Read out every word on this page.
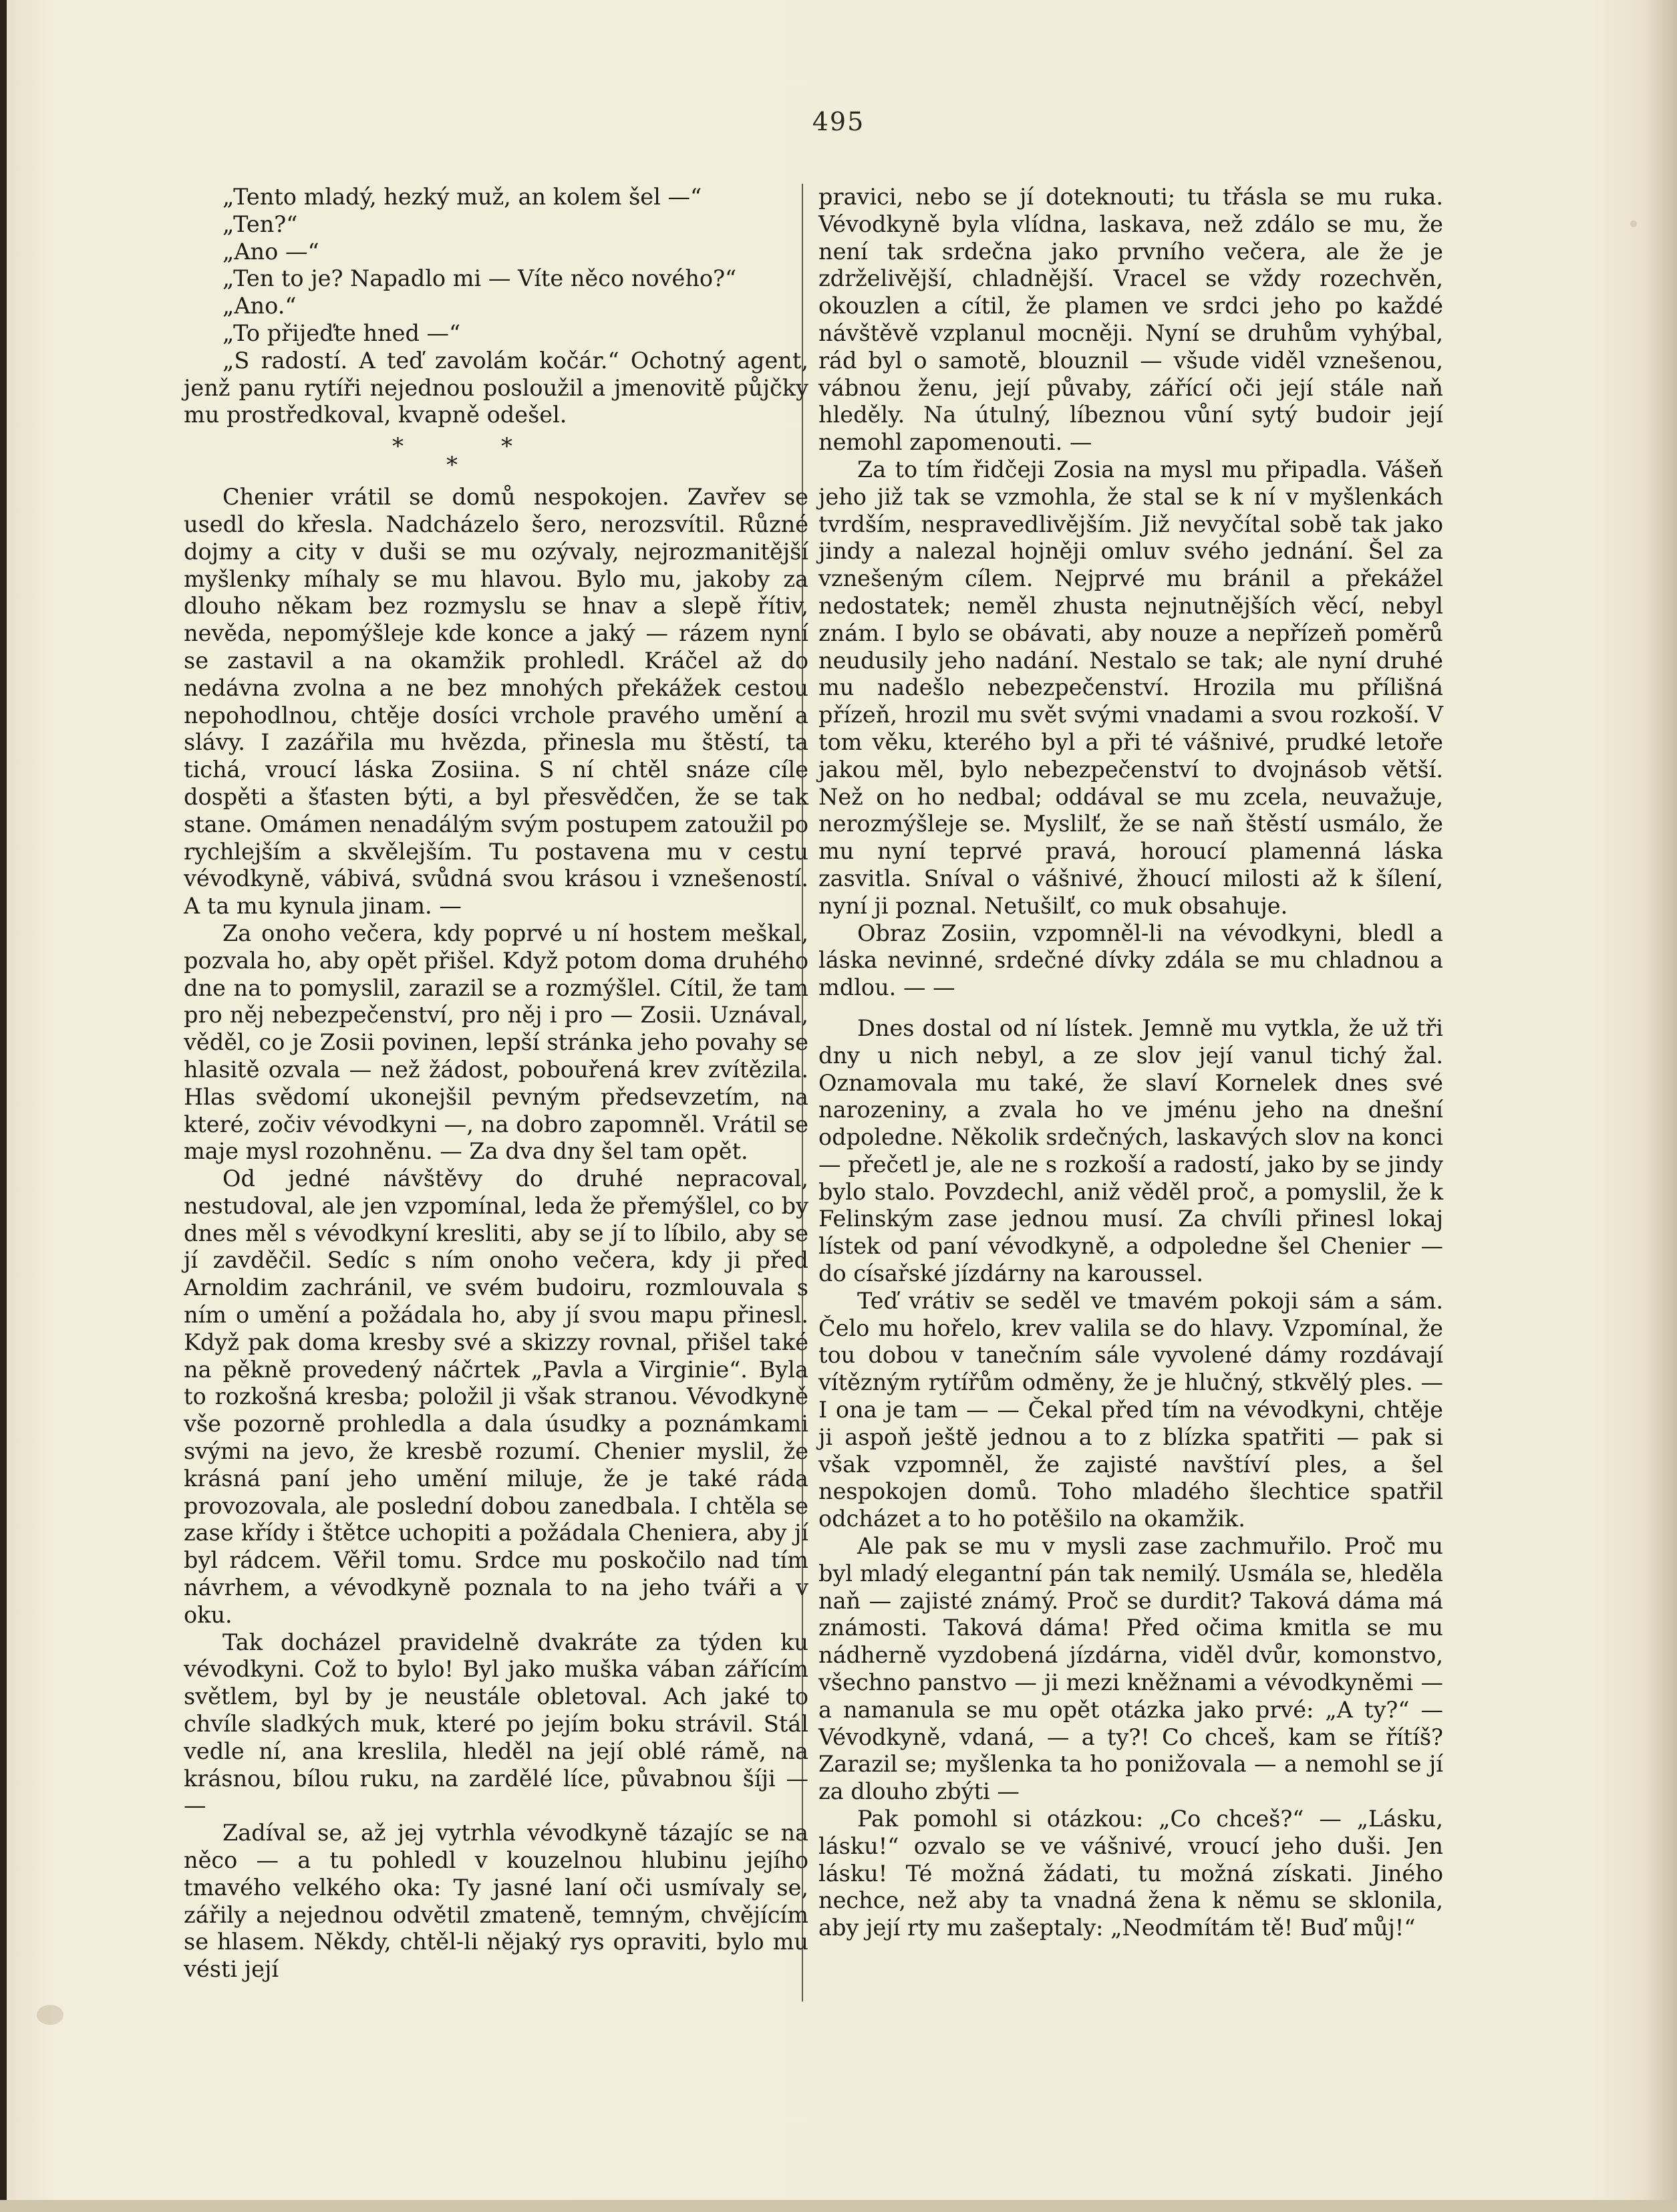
495

„Tento mladý, hezký muž, an kolem šel —“

„Ten?“

„Ano —“

„Ten to je? Napadlo mi — Víte něco nového?“

„Ano.“

„To přijeďte hned —“

„S radostí. A teď zavolám kočár.“ Ochotný agent, jenž panu rytíři nejednou posloužil a jmenovitě půjčky mu prostředkoval, kvapně odešel.

*	*
*

Chenier vrátil se domů nespokojen. Zavřev se usedl do křesla. Nadcházelo šero, nerozsvítil. Různé dojmy a city v duši se mu ozývaly, nejrozmanitější myšlenky míhaly se mu hlavou. Bylo mu, jakoby za dlouho někam bez rozmyslu se hnav a slepě řítiv, nevěda, nepomýšleje kde konce a jaký — rázem nyní se zastavil a na okamžik prohledl. Kráčel až do nedávna zvolna a ne bez mnohých překážek cestou nepohodlnou, chtěje dosíci vrchole pravého umění a slávy. I zazářila mu hvězda, přinesla mu štěstí, ta tichá, vroucí láska Zosiina. S ní chtěl snáze cíle dospěti a šťasten býti, a byl přesvědčen, že se tak stane. Omámen nenadálým svým postupem zatoužil po rychlejším a skvělejším. Tu postavena mu v cestu vévodkyně, vábivá, svůdná svou krásou i vznešeností. A ta mu kynula jinam. —

Za onoho večera, kdy poprvé u ní hostem meškal, pozvala ho, aby opět přišel. Když potom doma druhého dne na to pomyslil, zarazil se a rozmýšlel. Cítil, že tam pro něj nebezpečenství, pro něj i pro — Zosii. Uznával, věděl, co je Zosii povinen, lepší stránka jeho povahy se hlasitě ozvala — než žádost, pobouřená krev zvítězila. Hlas svědomí ukonejšil pevným předsevzetím, na které, zočiv vévodkyni —, na dobro zapomněl. Vrátil se maje mysl rozohněnu. — Za dva dny šel tam opět.

Od jedné návštěvy do druhé nepracoval, nestudoval, ale jen vzpomínal, leda že přemýšlel, co by dnes měl s vévodkyní kresliti, aby se jí to líbilo, aby se jí zavděčil. Sedíc s ním onoho večera, kdy ji před Arnoldim zachránil, ve svém budoiru, rozmlouvala s ním o umění a požádala ho, aby jí svou mapu přinesl. Když pak doma kresby své a skizzy rovnal, přišel také na pěkně provedený náčrtek „Pavla a Virginie“. Byla to rozkošná kresba; položil ji však stranou. Vévodkyně vše pozorně prohledla a dala úsudky a poznámkami svými na jevo, že kresbě rozumí. Chenier myslil, že krásná paní jeho umění miluje, že je také ráda provozovala, ale poslední dobou zanedbala. I chtěla se zase křídy i štětce uchopiti a požádala Cheniera, aby jí byl rádcem. Věřil tomu. Srdce mu poskočilo nad tím návrhem, a vévodkyně poznala to na jeho tváři a v oku.

Tak docházel pravidelně dvakráte za týden ku vévodkyni. Což to bylo! Byl jako muška vában zářícím světlem, byl by je neustále obletoval. Ach jaké to chvíle sladkých muk, které po jejím boku strávil. Stál vedle ní, ana kreslila, hleděl na její oblé rámě, na krásnou, bílou ruku, na zardělé líce, půvabnou šíji — —

Zadíval se, až jej vytrhla vévodkyně tázajíc se na něco — a tu pohledl v kouzelnou hlubinu jejího tmavého velkého oka: Ty jasné laní oči usmívaly se, zářily a nejednou odvětil zmateně, temným, chvějícím se hlasem. Někdy, chtěl-li nějaký rys opraviti, bylo mu vésti její

pravici, nebo se jí doteknouti; tu třásla se mu ruka. Vévodkyně byla vlídna, laskava, než zdálo se mu, že není tak srdečna jako prvního večera, ale že je zdrželivější, chladnější. Vracel se vždy rozechvěn, okouzlen a cítil, že plamen ve srdci jeho po každé návštěvě vzplanul mocněji. Nyní se druhům vyhýbal, rád byl o samotě, blouznil — všude viděl vznešenou, vábnou ženu, její půvaby, zářící oči její stále naň hleděly. Na útulný, líbeznou vůní sytý budoir její nemohl zapomenouti. —

Za to tím řidčeji Zosia na mysl mu připadla. Vášeň jeho již tak se vzmohla, že stal se k ní v myšlenkách tvrdším, nespravedlivějším. Již nevyčítal sobě tak jako jindy a nalezal hojněji omluv svého jednání. Šel za vznešeným cílem. Nejprvé mu bránil a překážel nedostatek; neměl zhusta nejnutnějších věcí, nebyl znám. I bylo se obávati, aby nouze a nepřízeň poměrů neudusily jeho nadání. Nestalo se tak; ale nyní druhé mu nadešlo nebezpečenství. Hrozila mu přílišná přízeň, hrozil mu svět svými vnadami a svou rozkoší. V tom věku, kterého byl a při té vášnivé, prudké letoře jakou měl, bylo nebezpečenství to dvojnásob větší. Než on ho nedbal; oddával se mu zcela, neuvažuje, nerozmýšleje se. Myslilť, že se naň štěstí usmálo, že mu nyní teprvé pravá, horoucí plamenná láska zasvitla. Sníval o vášnivé, žhoucí milosti až k šílení, nyní ji poznal. Netušilť, co muk obsahuje.

Obraz Zosiin, vzpomněl-li na vévodkyni, bledl a láska nevinné, srdečné dívky zdála se mu chladnou a mdlou. — —

Dnes dostal od ní lístek. Jemně mu vytkla, že už tři dny u nich nebyl, a ze slov její vanul tichý žal. Oznamovala mu také, že slaví Kornelek dnes své narozeniny, a zvala ho ve jménu jeho na dnešní odpoledne. Několik srdečných, laskavých slov na konci — přečetl je, ale ne s rozkoší a radostí, jako by se jindy bylo stalo. Povzdechl, aniž věděl proč, a pomyslil, že k Felinským zase jednou musí. Za chvíli přinesl lokaj lístek od paní vévodkyně, a odpoledne šel Chenier — do císařské jízdárny na karoussel.

Teď vrátiv se seděl ve tmavém pokoji sám a sám. Čelo mu hořelo, krev valila se do hlavy. Vzpomínal, že tou dobou v tanečním sále vyvolené dámy rozdávají vítězným rytířům odměny, že je hlučný, stkvělý ples. — I ona je tam — — Čekal před tím na vévodkyni, chtěje ji aspoň ještě jednou a to z blízka spatřiti — pak si však vzpomněl, že zajisté navštíví ples, a šel nespokojen domů. Toho mladého šlechtice spatřil odcházet a to ho potěšilo na okamžik.

Ale pak se mu v mysli zase zachmuřilo. Proč mu byl mladý elegantní pán tak nemilý. Usmála se, hleděla naň — zajisté známý. Proč se durdit? Taková dáma má známosti. Taková dáma! Před očima kmitla se mu nádherně vyzdobená jízdárna, viděl dvůr, komonstvo, všechno panstvo — ji mezi kněžnami a vévodkyněmi — a namanula se mu opět otázka jako prvé: „A ty?“ — Vévodkyně, vdaná, — a ty?! Co chceš, kam se řítíš? Zarazil se; myšlenka ta ho ponižovala — a nemohl se jí za dlouho zbýti —

Pak pomohl si otázkou: „Co chceš?“ — „Lásku, lásku!“ ozvalo se ve vášnivé, vroucí jeho duši. Jen lásku! Té možná žádati, tu možná získati. Jiného nechce, než aby ta vnadná žena k němu se sklonila, aby její rty mu zašeptaly: „Neodmítám tě! Buď můj!“
